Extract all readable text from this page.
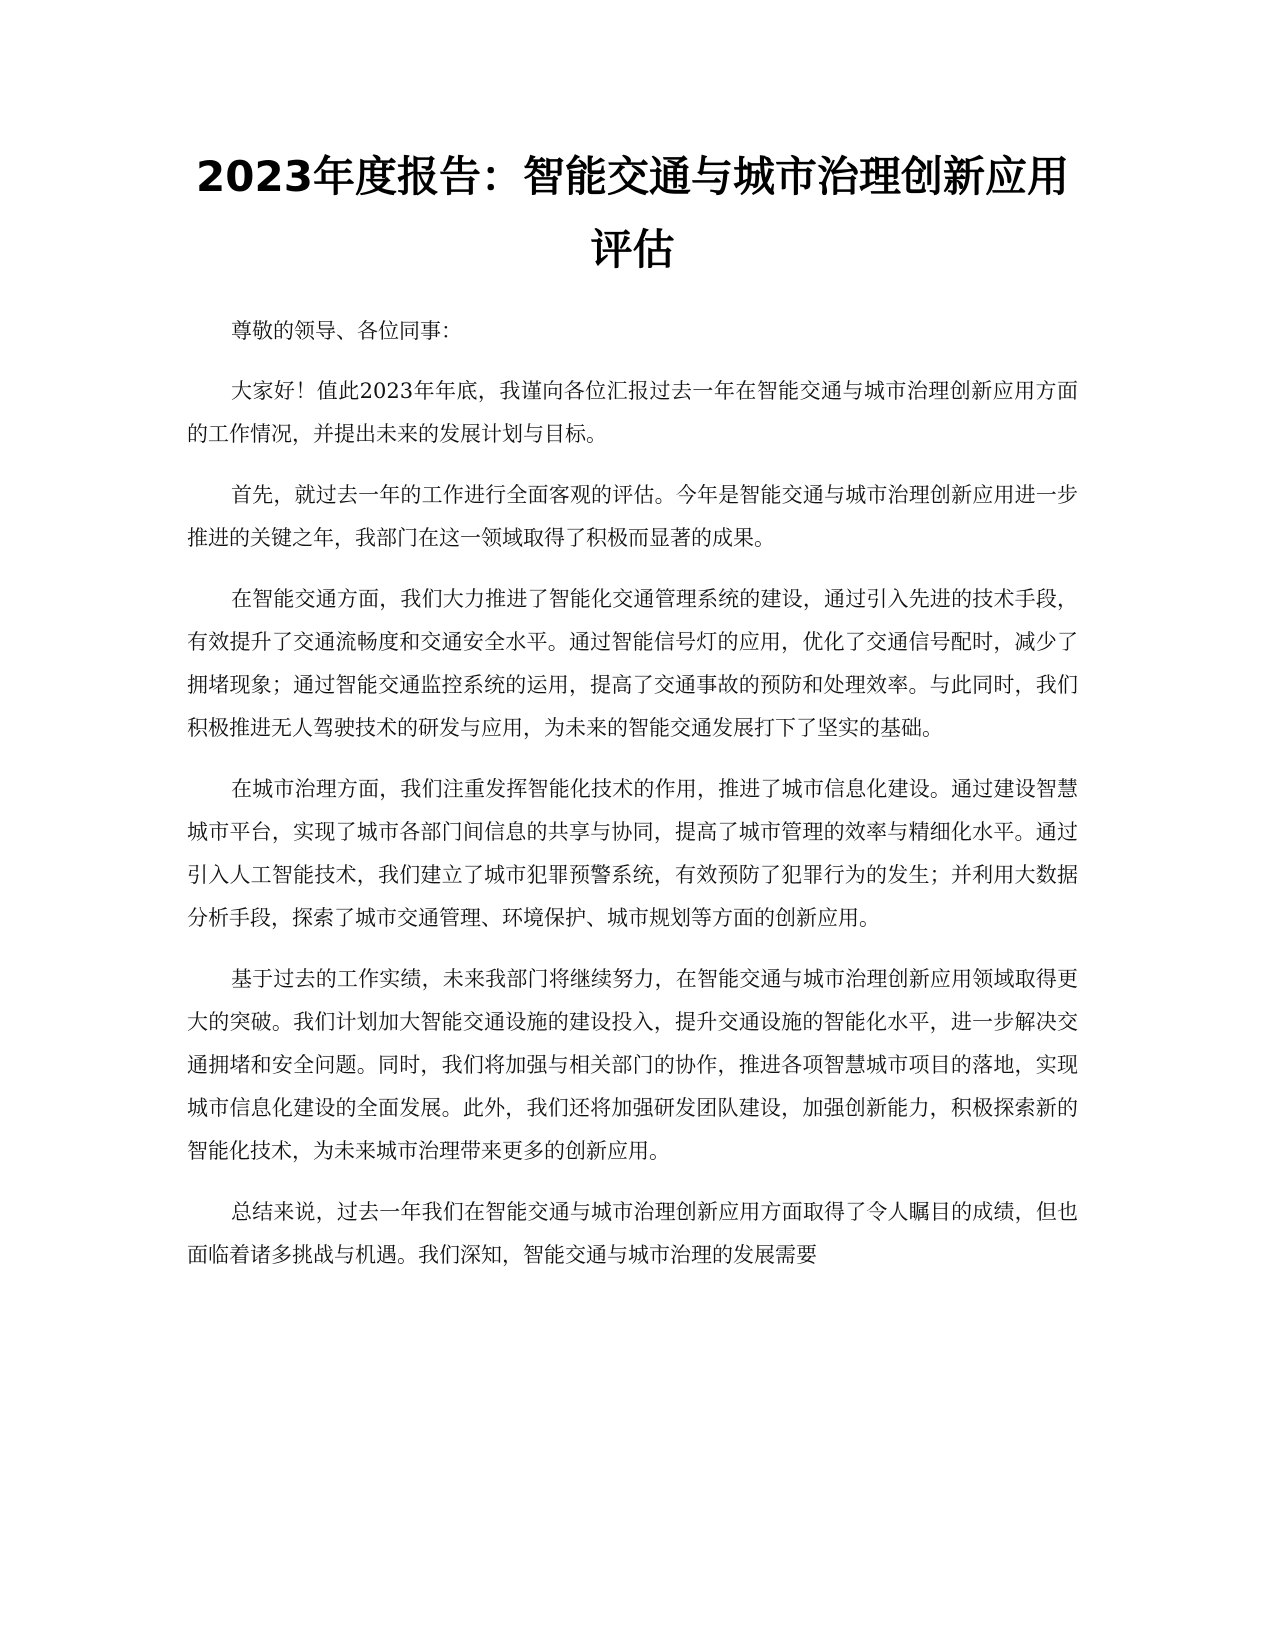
2023年度报告：智能交通与城市治理创新应用评估

尊敬的领导、各位同事：

大家好！值此2023年年底，我谨向各位汇报过去一年在智能交通与城市治理创新应用方面的工作情况，并提出未来的发展计划与目标。

首先，就过去一年的工作进行全面客观的评估。今年是智能交通与城市治理创新应用进一步推进的关键之年，我部门在这一领域取得了积极而显著的成果。

在智能交通方面，我们大力推进了智能化交通管理系统的建设，通过引入先进的技术手段，有效提升了交通流畅度和交通安全水平。通过智能信号灯的应用，优化了交通信号配时，减少了拥堵现象；通过智能交通监控系统的运用，提高了交通事故的预防和处理效率。与此同时，我们积极推进无人驾驶技术的研发与应用，为未来的智能交通发展打下了坚实的基础。

在城市治理方面，我们注重发挥智能化技术的作用，推进了城市信息化建设。通过建设智慧城市平台，实现了城市各部门间信息的共享与协同，提高了城市管理的效率与精细化水平。通过引入人工智能技术，我们建立了城市犯罪预警系统，有效预防了犯罪行为的发生；并利用大数据分析手段，探索了城市交通管理、环境保护、城市规划等方面的创新应用。

基于过去的工作实绩，未来我部门将继续努力，在智能交通与城市治理创新应用领域取得更大的突破。我们计划加大智能交通设施的建设投入，提升交通设施的智能化水平，进一步解决交通拥堵和安全问题。同时，我们将加强与相关部门的协作，推进各项智慧城市项目的落地，实现城市信息化建设的全面发展。此外，我们还将加强研发团队建设，加强创新能力，积极探索新的智能化技术，为未来城市治理带来更多的创新应用。

总结来说，过去一年我们在智能交通与城市治理创新应用方面取得了令人瞩目的成绩，但也面临着诸多挑战与机遇。我们深知，智能交通与城市治理的发展需要
